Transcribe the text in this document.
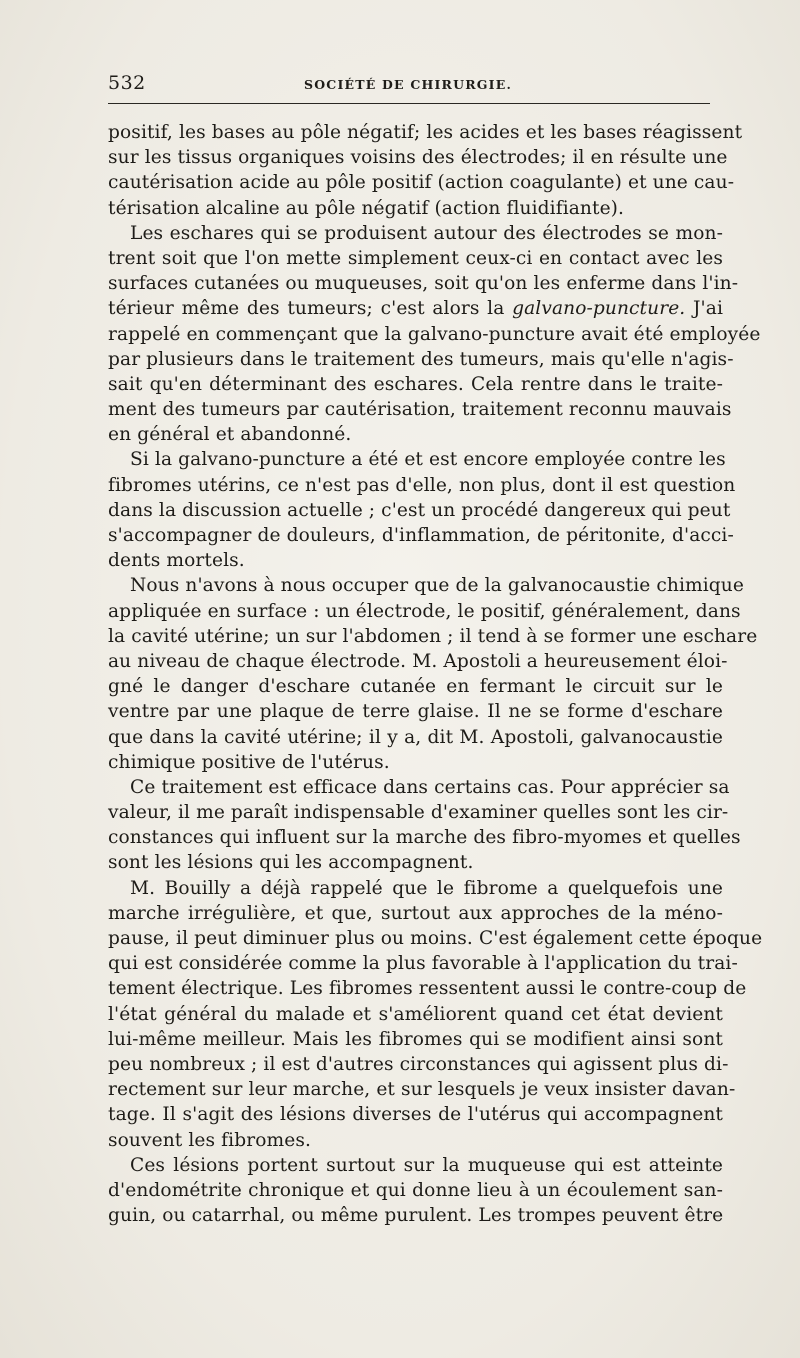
532	SOCIÉTÉ DE CHIRURGIE.
positif, les bases au pôle négatif; les acides et les bases réagissent
sur les tissus organiques voisins des électrodes; il en résulte une
cautérisation acide au pôle positif (action coagulante) et une cau-
térisation alcaline au pôle négatif (action fluidifiante).
Les eschares qui se produisent autour des électrodes se mon-
trent soit que l'on mette simplement ceux-ci en contact avec les
surfaces cutanées ou muqueuses, soit qu'on les enferme dans l'in-
térieur même des tumeurs; c'est alors la galvano-puncture. J'ai
rappelé en commençant que la galvano-puncture avait été employée
par plusieurs dans le traitement des tumeurs, mais qu'elle n'agis-
sait qu'en déterminant des eschares. Cela rentre dans le traite-
ment des tumeurs par cautérisation, traitement reconnu mauvais
en général et abandonné.
Si la galvano-puncture a été et est encore employée contre les
fibromes utérins, ce n'est pas d'elle, non plus, dont il est question
dans la discussion actuelle ; c'est un procédé dangereux qui peut
s'accompagner de douleurs, d'inflammation, de péritonite, d'acci-
dents mortels.
Nous n'avons à nous occuper que de la galvanocaustie chimique
appliquée en surface : un électrode, le positif, généralement, dans
la cavité utérine; un sur l'abdomen ; il tend à se former une eschare
au niveau de chaque électrode. M. Apostoli a heureusement éloi-
gné le danger d'eschare cutanée en fermant le circuit sur le
ventre par une plaque de terre glaise. Il ne se forme d'eschare
que dans la cavité utérine; il y a, dit M. Apostoli, galvanocaustie
chimique positive de l'utérus.
Ce traitement est efficace dans certains cas. Pour apprécier sa
valeur, il me paraît indispensable d'examiner quelles sont les cir-
constances qui influent sur la marche des fibro-myomes et quelles
sont les lésions qui les accompagnent.
M. Bouilly a déjà rappelé que le fibrome a quelquefois une
marche irrégulière, et que, surtout aux approches de la méno-
pause, il peut diminuer plus ou moins. C'est également cette époque
qui est considérée comme la plus favorable à l'application du trai-
tement électrique. Les fibromes ressentent aussi le contre-coup de
l'état général du malade et s'améliorent quand cet état devient
lui-même meilleur. Mais les fibromes qui se modifient ainsi sont
peu nombreux ; il est d'autres circonstances qui agissent plus di-
rectement sur leur marche, et sur lesquels je veux insister davan-
tage. Il s'agit des lésions diverses de l'utérus qui accompagnent
souvent les fibromes.
Ces lésions portent surtout sur la muqueuse qui est atteinte
d'endométrite chronique et qui donne lieu à un écoulement san-
guin, ou catarrhal, ou même purulent. Les trompes peuvent être
